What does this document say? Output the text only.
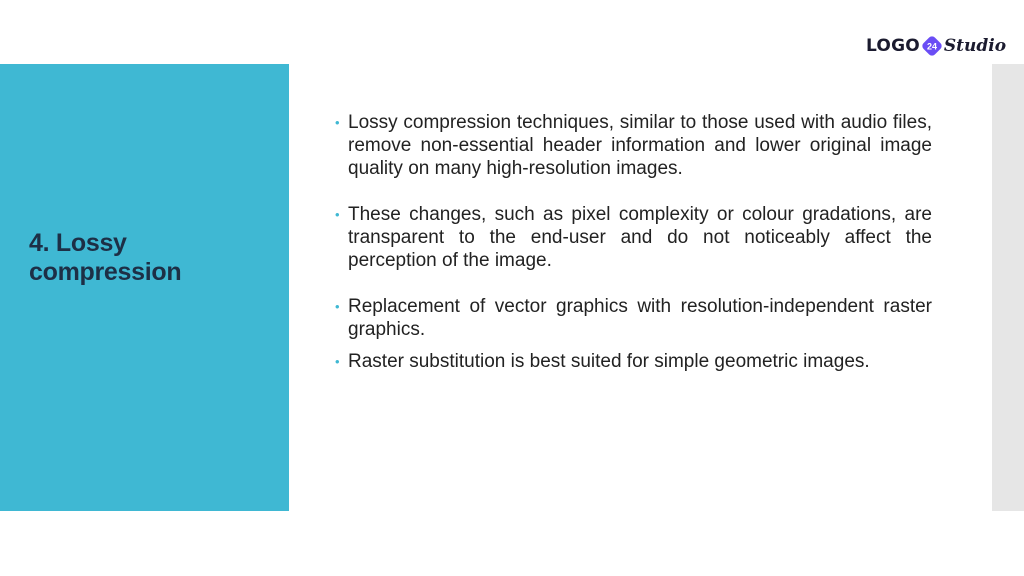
LOGO 24 Studio
4. Lossy compression
• Lossy compression techniques, similar to those used with audio files, remove non-essential header information and lower original image quality on many high-resolution images.
• These changes, such as pixel complexity or colour gradations, are transparent to the end-user and do not noticeably affect the perception of the image.
• Replacement of vector graphics with resolution-independent raster graphics.
• Raster substitution is best suited for simple geometric images.
